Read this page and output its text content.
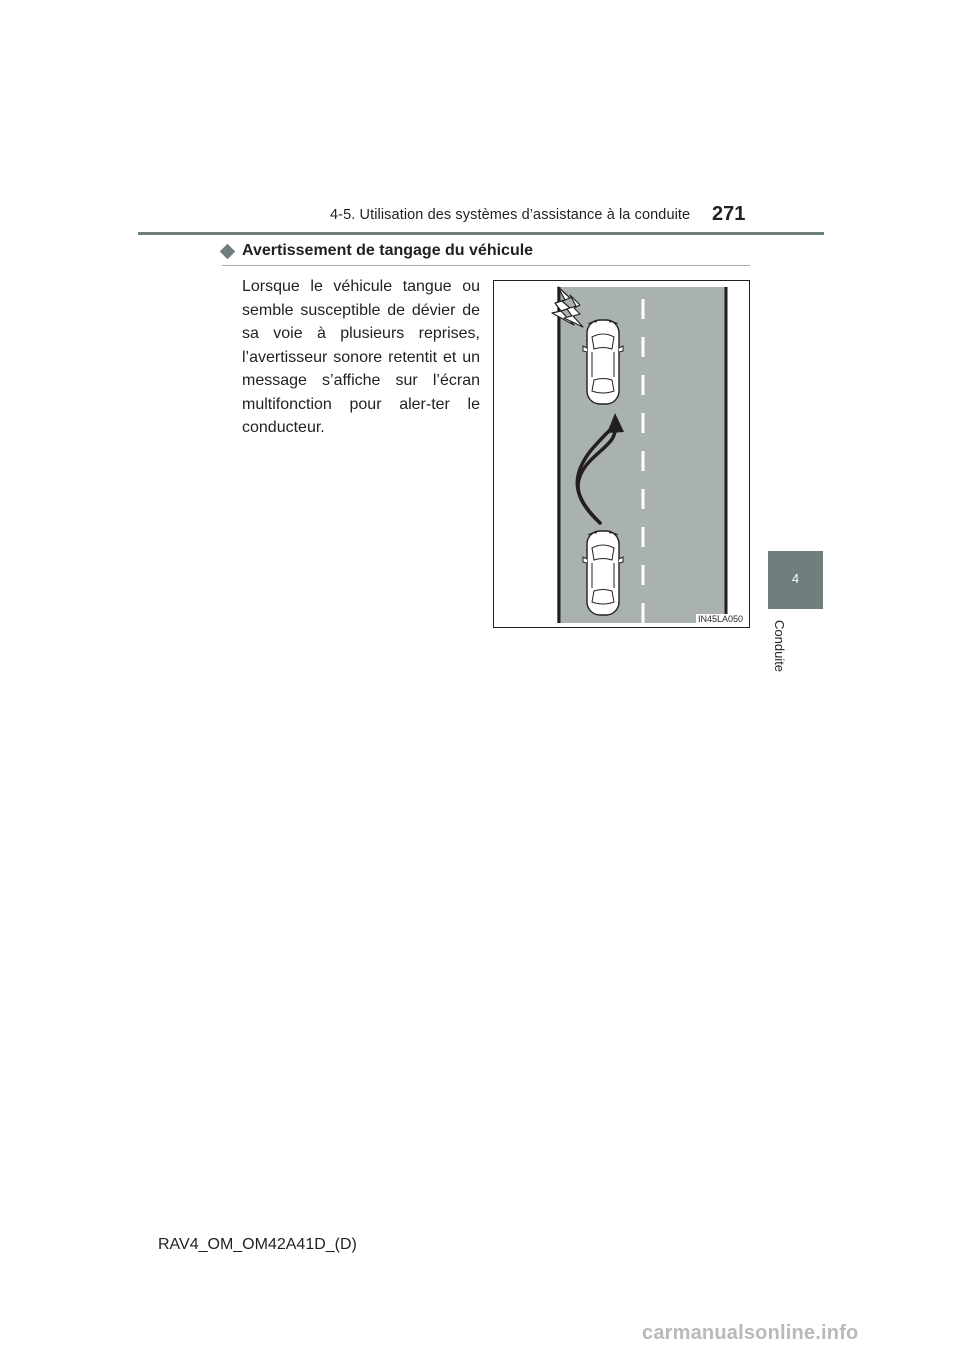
4-5. Utilisation des systèmes d’assistance à la conduite 271
Avertissement de tangage du véhicule

Lorsque le véhicule tangue ou semble susceptible de dévier de sa voie à plusieurs reprises, l’avertisseur sonore retentit et un message s’affiche sur l’écran multifonction pour aler-ter le conducteur.

IN45LA050
4
Conduite
RAV4_OM_OM42A41D_(D)
carmanualsonline.info
